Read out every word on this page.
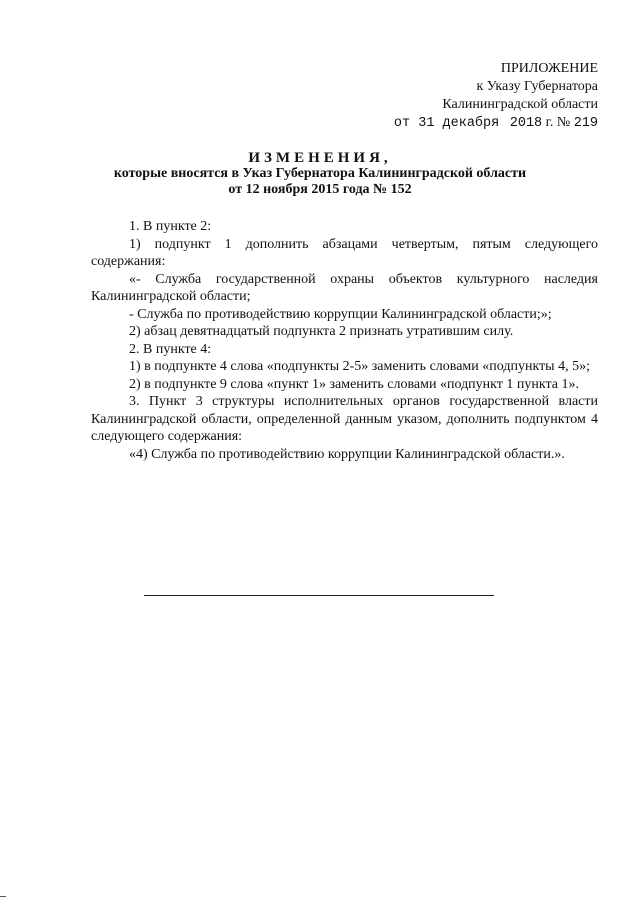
ПРИЛОЖЕНИЕ
к Указу Губернатора
Калининградской области
от 31 декабря 2018 г. № 219
ИЗМЕНЕНИЯ,
которые вносятся в Указ Губернатора Калининградской области
от 12 ноября 2015 года № 152

1. В пункте 2:

1) подпункт 1 дополнить абзацами четвертым, пятым следующего содержания:

«- Служба государственной охраны объектов культурного наследия Калининградской области;

- Служба по противодействию коррупции Калининградской области;»;

2) абзац девятнадцатый подпункта 2 признать утратившим силу.

2. В пункте 4:

1) в подпункте 4 слова «подпункты 2-5» заменить словами «подпункты 4, 5»;

2) в подпункте 9 слова «пункт 1» заменить словами «подпункт 1 пункта 1».

3. Пункт 3 структуры исполнительных органов государственной власти Калининградской области, определенной данным указом, дополнить подпунктом 4 следующего содержания:

«4) Служба по противодействию коррупции Калининградской области.».
